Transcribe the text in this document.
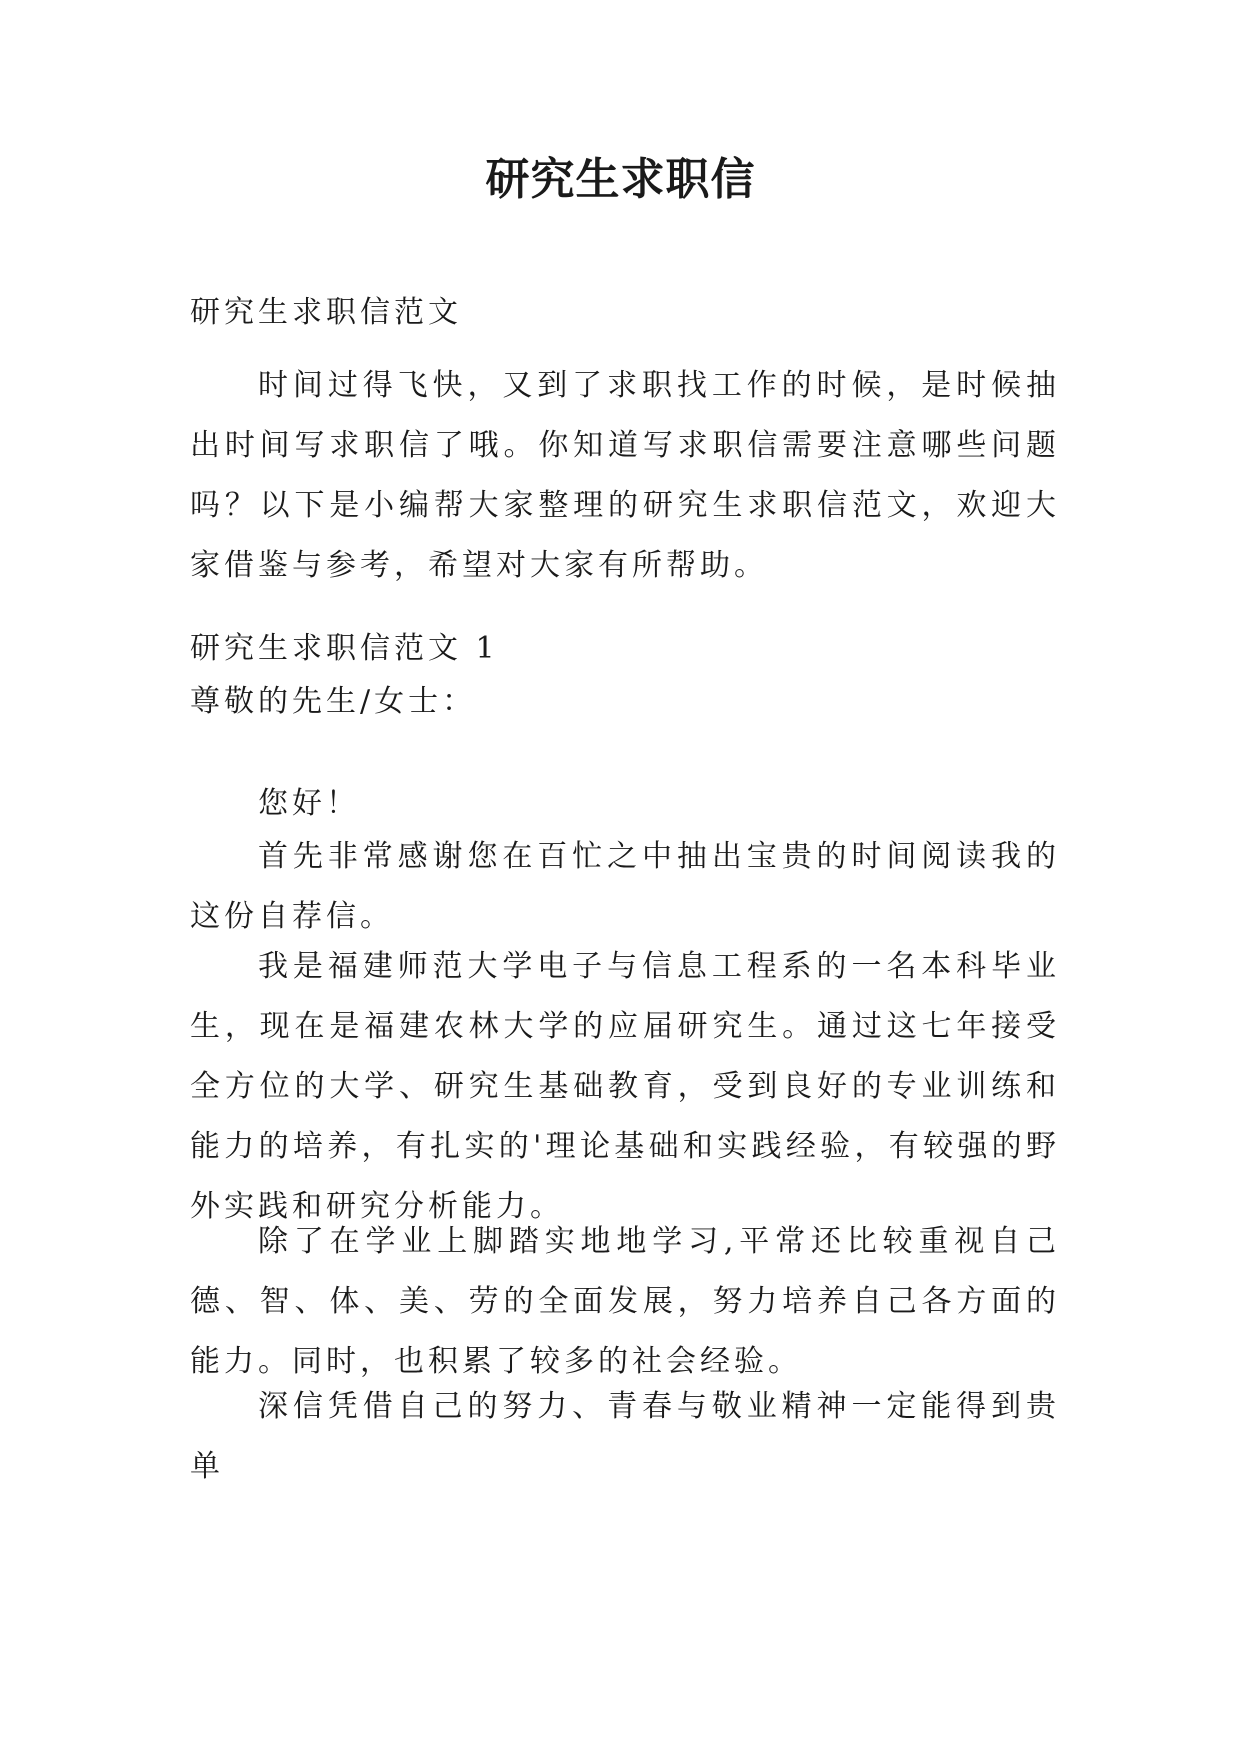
研究生求职信
研究生求职信范文
时间过得飞快，又到了求职找工作的时候，是时候抽出时间写求职信了哦。你知道写求职信需要注意哪些问题吗？以下是小编帮大家整理的研究生求职信范文，欢迎大家借鉴与参考，希望对大家有所帮助。
研究生求职信范文 1
尊敬的先生/女士：
您好！
首先非常感谢您在百忙之中抽出宝贵的时间阅读我的这份自荐信。
我是福建师范大学电子与信息工程系的一名本科毕业生，现在是福建农林大学的应届研究生。通过这七年接受全方位的大学、研究生基础教育，受到良好的专业训练和能力的培养，有扎实的'理论基础和实践经验，有较强的野外实践和研究分析能力。
除了在学业上脚踏实地地学习,平常还比较重视自己德、智、体、美、劳的全面发展，努力培养自己各方面的能力。同时，也积累了较多的社会经验。
深信凭借自己的努力、青春与敬业精神一定能得到贵单
